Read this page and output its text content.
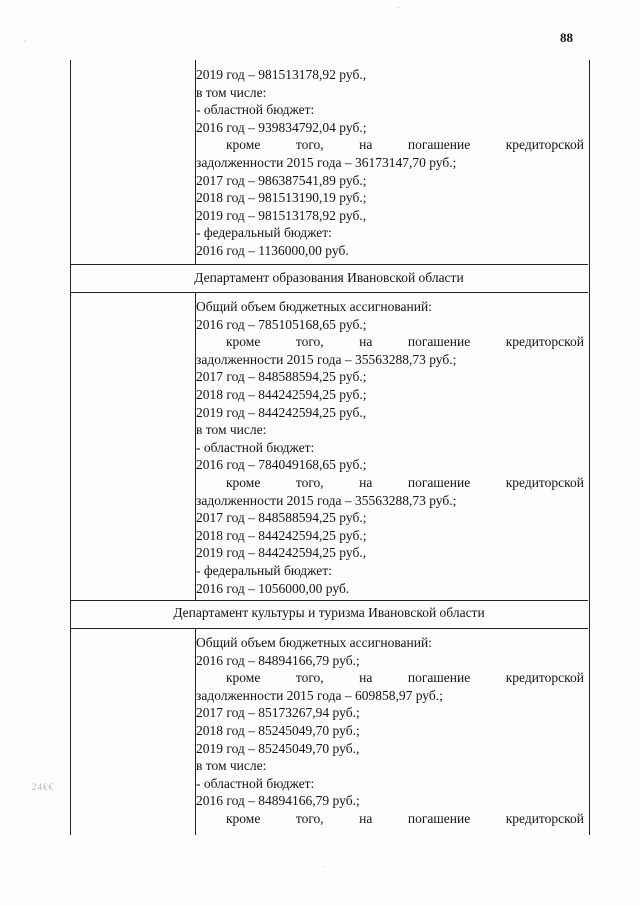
88
‥ · ·
·
24€€
·
2019 год – 981513178,92 руб.,
в том числе:
- областной бюджет:
2016 год – 939834792,04 руб.;
кроме	того,	на	погашение	кредиторской
задолженности 2015 года – 36173147,70 руб.;
2017 год – 986387541,89 руб.;
2018 год – 981513190,19 руб.;
2019 год – 981513178,92 руб.,
- федеральный бюджет:
2016 год – 1136000,00 руб.
Департамент образования Ивановской области
Общий объем бюджетных ассигнований:
2016 год – 785105168,65 руб.;
кроме	того,	на	погашение	кредиторской
задолженности 2015 года – 35563288,73 руб.;
2017 год – 848588594,25 руб.;
2018 год – 844242594,25 руб.;
2019 год – 844242594,25 руб.,
в том числе:
- областной бюджет:
2016 год – 784049168,65 руб.;
кроме	того,	на	погашение	кредиторской
задолженности 2015 года – 35563288,73 руб.;
2017 год – 848588594,25 руб.;
2018 год – 844242594,25 руб.;
2019 год – 844242594,25 руб.,
- федеральный бюджет:
2016 год – 1056000,00 руб.
Департамент культуры и туризма Ивановской области
Общий объем бюджетных ассигнований:
2016 год – 84894166,79 руб.;
кроме	того,	на	погашение	кредиторской
задолженности 2015 года – 609858,97 руб.;
2017 год – 85173267,94 руб.;
2018 год – 85245049,70 руб.;
2019 год – 85245049,70 руб.,
в том числе:
- областной бюджет:
2016 год – 84894166,79 руб.;
кроме	того,	на	погашение	кредиторской
